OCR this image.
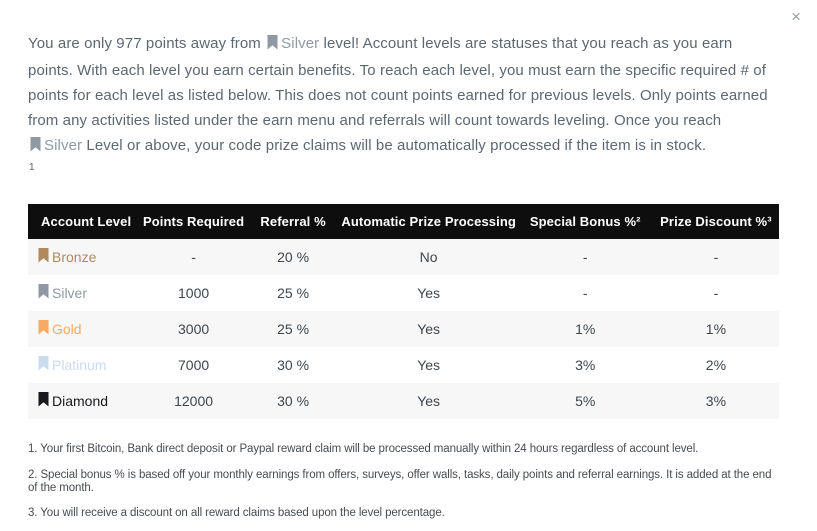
×
You are only 977 points away from Silver level! Account levels are statuses that you reach as you earn points. With each level you earn certain benefits. To reach each level, you must earn the specific required # of points for each level as listed below. This does not count points earned for previous levels. Only points earned from any activities listed under the earn menu and referrals will count towards leveling. Once you reach Silver Level or above, your code prize claims will be automatically processed if the item is in stock.
1
Account Level	Points Required	Referral %	Automatic Prize Processing	Special Bonus %²	Prize Discount %³

Bronze	-	20 %	No	-	-

Silver	1000	25 %	Yes	-	-

Gold	3000	25 %	Yes	1%	1%

Platinum	7000	30 %	Yes	3%	2%

Diamond	12000	30 %	Yes	5%	3%
1. Your first Bitcoin, Bank direct deposit or Paypal reward claim will be processed manually within 24 hours regardless of account level.
2. Special bonus % is based off your monthly earnings from offers, surveys, offer walls, tasks, daily points and referral earnings. It is added at the end of the month.
3. You will receive a discount on all reward claims based upon the level percentage.
